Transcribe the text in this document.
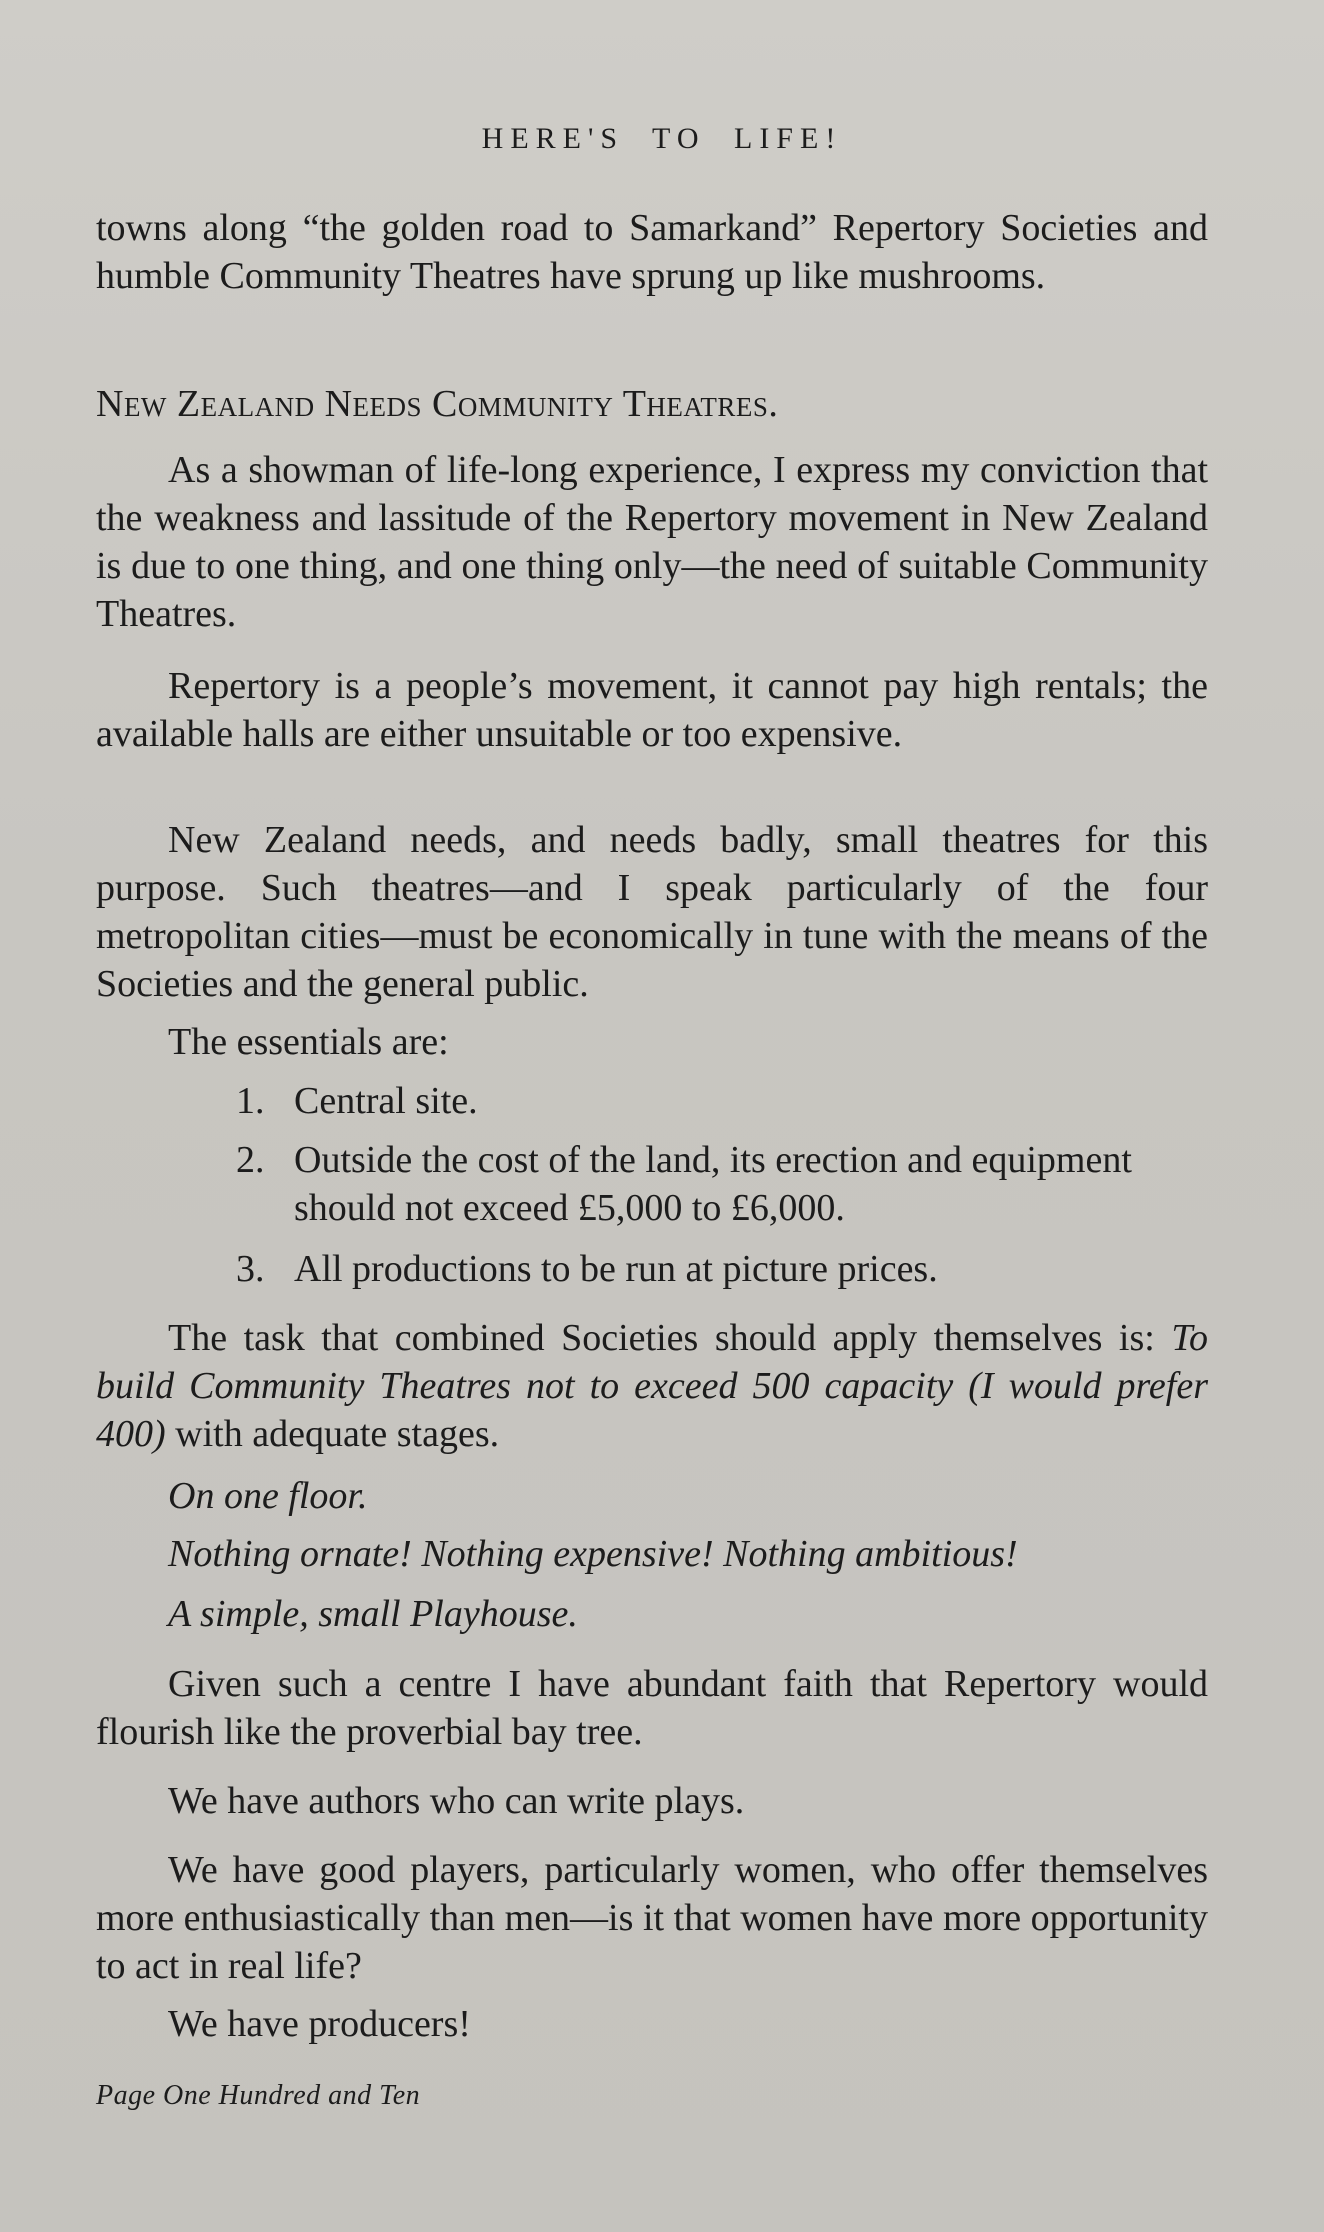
HERE'S TO LIFE!
towns along “the golden road to Samarkand” Repertory Societies and humble Community Theatres have sprung up like mushrooms.
New Zealand Needs Community Theatres.
As a showman of life-long experience, I express my conviction that the weakness and lassitude of the Repertory movement in New Zealand is due to one thing, and one thing only—the need of suitable Community Theatres.
Repertory is a people’s movement, it cannot pay high rentals; the available halls are either unsuitable or too expensive.
New Zealand needs, and needs badly, small theatres for this purpose. Such theatres—and I speak particularly of the four metropolitan cities—must be economically in tune with the means of the Societies and the general public.
The essentials are:
1. Central site.
2. Outside the cost of the land, its erection and equipment should not exceed £5,000 to £6,000.
3. All productions to be run at picture prices.
The task that combined Societies should apply themselves is: To build Community Theatres not to exceed 500 capacity (I would prefer 400) with adequate stages.
On one floor.
Nothing ornate! Nothing expensive! Nothing ambitious!
A simple, small Playhouse.
Given such a centre I have abundant faith that Repertory would flourish like the proverbial bay tree.
We have authors who can write plays.
We have good players, particularly women, who offer themselves more enthusiastically than men—is it that women have more opportunity to act in real life?
We have producers!
Page One Hundred and Ten
